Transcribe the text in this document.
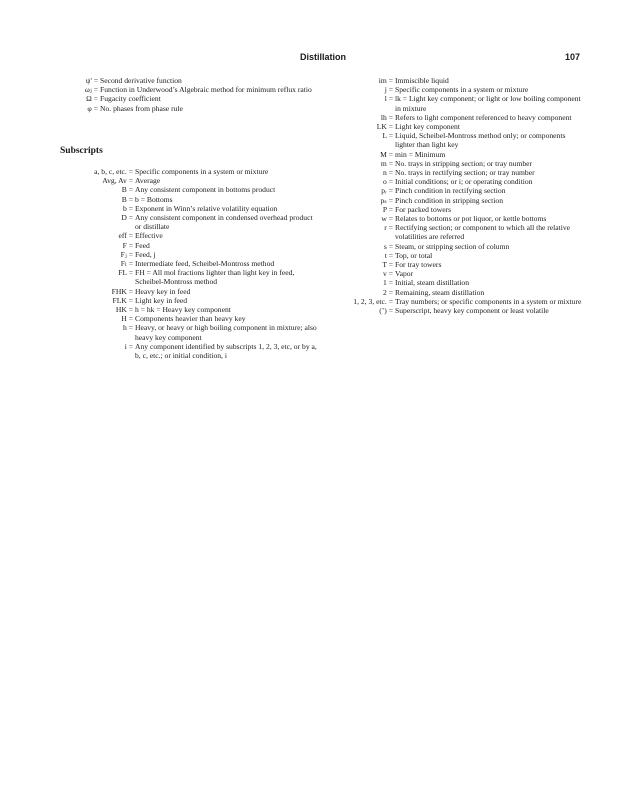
Distillation	107
ψ' = Second derivative function
ωⱼ = Function in Underwood’s Algebraic method for minimum reflux ratio
Ω = Fugacity coefficient
φ = No. phases from phase rule
Subscripts
a, b, c, etc. = Specific components in a system or mixture
Avg, Av = Average
B = Any consistent component in bottoms product
B = b = Bottoms
b = Exponent in Winn’s relative volatility equation
D = Any consistent component in condensed overhead product or distillate
eff = Effective
F = Feed
Fⱼ = Feed, j
Fₗ = Intermediate feed, Scheibel-Montross method
FL = FH = All mol fractions lighter than light key in feed, Scheibel-Montross method
FHK = Heavy key in feed
FLK = Light key in feed
HK = h = hk = Heavy key component
H = Components heavier than heavy key
h = Heavy, or heavy or high boiling component in mixture; also heavy key component
i = Any component identified by subscripts 1, 2, 3, etc, or by a, b, c, etc.; or initial condition, i
im = Immiscible liquid
j = Specific components in a system or mixture
l = lk = Light key component; or light or low boiling component in mixture
lh = Refers to light component referenced to heavy component
LK = Light key component
L = Liquid, Scheibel-Montross method only; or components lighter than light key
M = min = Minimum
m = No. trays in stripping section; or tray number
n = No. trays in rectifying section; or tray number
o = Initial conditions; or i; or operating condition
pᵣ = Pinch condition in rectifying section
pₛ = Pinch condition in stripping section
P = For packed towers
w = Relates to bottoms or pot liquor, or kettle bottoms
r = Rectifying section; or component to which all the relative volatilities are referred
s = Steam, or stripping section of column
t = Top, or total
T = For tray towers
v = Vapor
1 = Initial, steam distillation
2 = Remaining, steam distillation
1, 2, 3, etc. = Tray numbers; or specific components in a system or mixture
(’) = Superscript, heavy key component or least volatile
